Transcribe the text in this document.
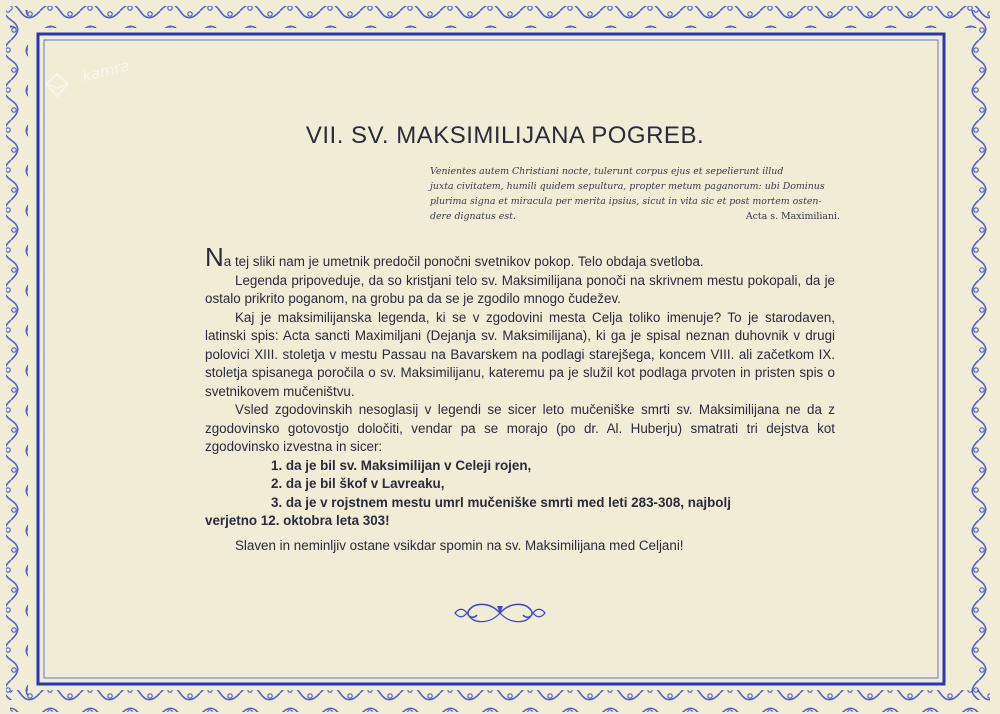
kamra
VII. SV. MAKSIMILIJANA POGREB.
Venientes autem Christiani nocte, tulerunt corpus ejus et sepelierunt illud
juxta civitatem, humili quidem sepultura, propter metum paganorum: ubi Dominus
plurima signa et miracula per merita ipsius, sicut in vita sic et post mortem osten-
dere dignatus est.	Acta s. Maximiliani.

Na tej sliki nam je umetnik predočil ponočni svetnikov pokop. Telo obdaja svetloba.

Legenda pripoveduje, da so kristjani telo sv. Maksimilijana ponoči na skrivnem mestu pokopali, da je ostalo prikrito poganom, na grobu pa da se je zgodilo mnogo čudežev.

Kaj je maksimilijanska legenda, ki se v zgodovini mesta Celja toliko imenuje? To je starodaven, latinski spis: Acta sancti Maximiljani (Dejanja sv. Maksimilijana), ki ga je spisal neznan duhovnik v drugi polovici XIII. stoletja v mestu Passau na Bavarskem na podlagi starejšega, koncem VIII. ali začetkom IX. stoletja spisanega poročila o sv. Maksimilijanu, kateremu pa je služil kot podlaga prvoten in pristen spis o svetnikovem mučeništvu.

Vsled zgodovinskih nesoglasij v legendi se sicer leto mučeniške smrti sv. Maksimilijana ne da z zgodovinsko gotovostjo določiti, vendar pa se morajo (po dr. Al. Huberju) smatrati tri dejstva kot zgodovinsko izvestna in sicer:

1. da je bil sv. Maksimilijan v Celeji rojen,

2. da je bil škof v Lavreaku,

3. da je v rojstnem mestu umrl mučeniške smrti med leti 283-308, najbolj

verjetno 12. oktobra leta 303!

Slaven in neminljiv ostane vsikdar spomin na sv. Maksimilijana med Celjani!
